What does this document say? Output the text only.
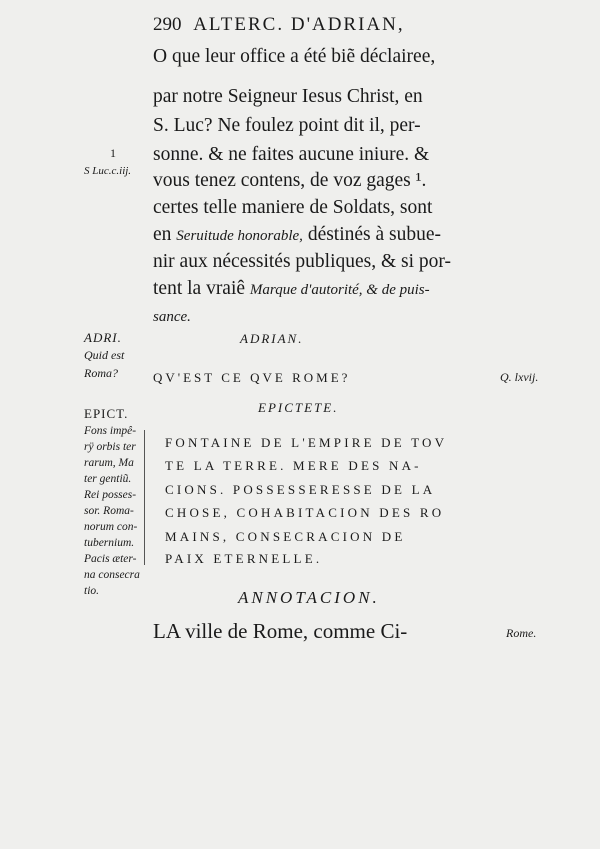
290 ALTERC. D'ADRIAN,
O que leur office a été biẽ déclairee,
par notre Seigneur Iesus Christ, en
S. Luc? Ne foulez point dit il, per-
sonne. & ne faites aucune iniure. &
vous tenez contens, de voz gages ¹.
certes telle maniere de Soldats, sont
en Seruitude honorable, déstinés à subue-
nir aux nécessités publiques, & si por-
tent la vraiê Marque d'autorité, & de puis-
sance.
1
S Luc.c.iij.
ADRIAN.
ADRI.
Quid est
Roma?	QV'EST CE QVE ROME?	Q. lxvij.
EPICTETE.
EPICT.
Fons impê-
rÿ orbis ter
rarum, Ma
ter gentiũ.
Rei posses-
sor. Roma-
norum con-
tubernium.
Pacis æter-
na consecra
tio.
FONTAINE DE L'EMPIRE DE TOV
TE LA TERRE. MERE DES NA-
CIONS. POSSESSERESSE DE LA
CHOSE, COHABITACION DES RO
MAINS, CONSECRACION DE
PAIX ETERNELLE.
ANNOTACION.
LA ville de Rome, comme Ci-	Rome.
